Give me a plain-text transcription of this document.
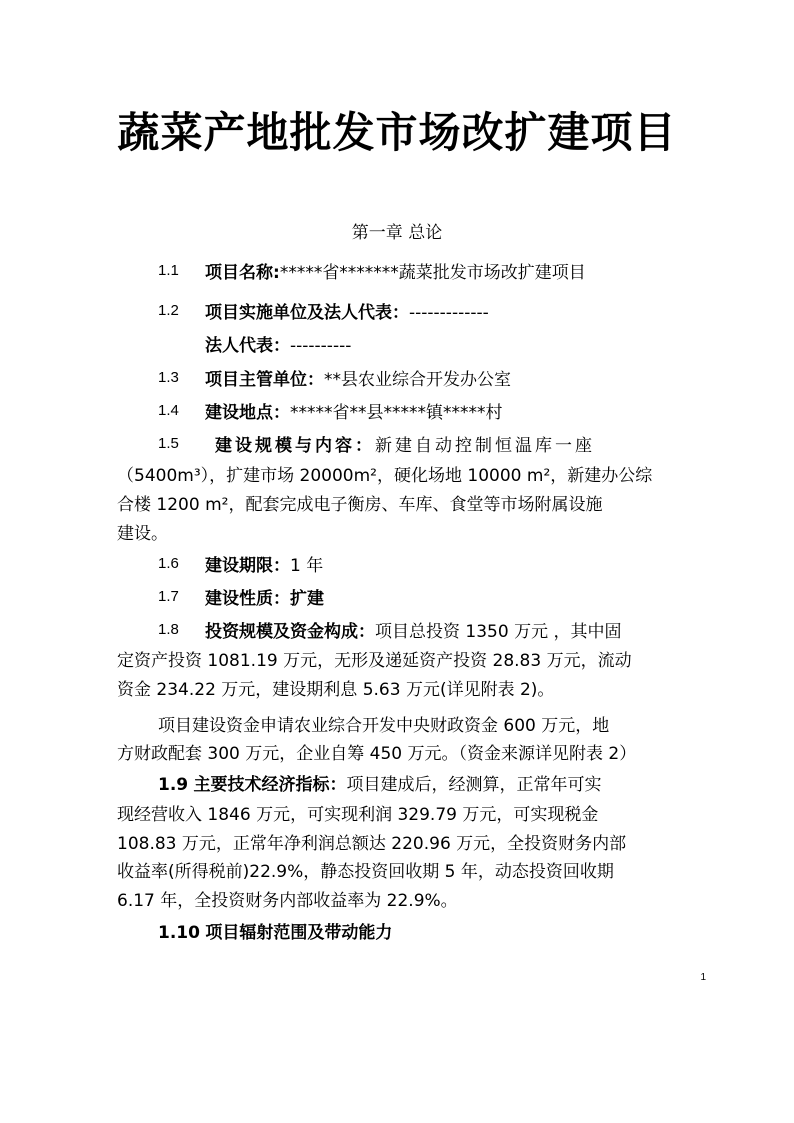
蔬菜产地批发市场改扩建项目
第一章 总论
1.1 项目名称:*****省*******蔬菜批发市场改扩建项目
1.2 项目实施单位及法人代表：-------------
法人代表：----------
1.3 项目主管单位：**县农业综合开发办公室
1.4 建设地点：*****省**县*****镇*****村
1.5 建设规模与内容：新建自动控制恒温库一座
（5400m³），扩建市场 20000m²，硬化场地 10000 m²，新建办公综
合楼 1200 m²，配套完成电子衡房、车库、食堂等市场附属设施
建设。
1.6 建设期限：1 年
1.7 建设性质：扩建
1.8 投资规模及资金构成：项目总投资 1350 万元 ，其中固
定资产投资 1081.19 万元，无形及递延资产投资 28.83 万元，流动
资金 234.22 万元，建设期利息 5.63 万元(详见附表 2)。
项目建设资金申请农业综合开发中央财政资金 600 万元，地
方财政配套 300 万元，企业自筹 450 万元。（资金来源详见附表 2）
1.9 主要技术经济指标：项目建成后，经测算，正常年可实
现经营收入 1846 万元，可实现利润 329.79 万元，可实现税金
108.83 万元，正常年净利润总额达 220.96 万元，全投资财务内部
收益率(所得税前)22.9%，静态投资回收期 5 年，动态投资回收期
6.17 年，全投资财务内部收益率为 22.9%。
1.10 项目辐射范围及带动能力
1
